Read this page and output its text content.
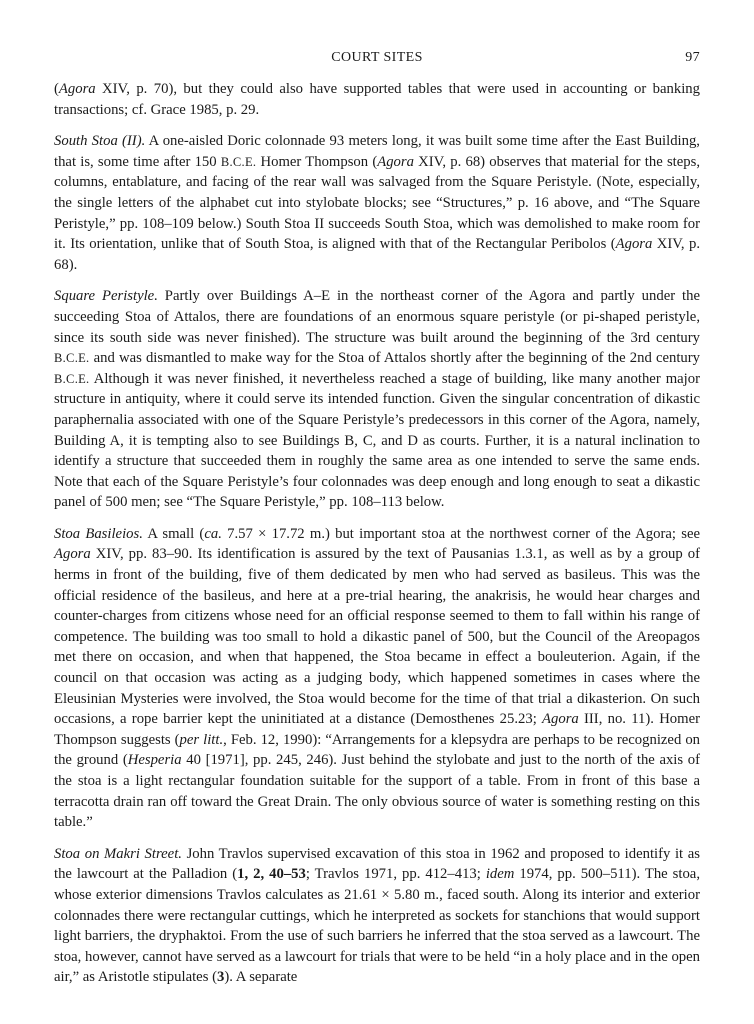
COURT SITES	97

(Agora XIV, p. 70), but they could also have supported tables that were used in accounting or banking transactions; cf. Grace 1985, p. 29.

South Stoa (II). A one-aisled Doric colonnade 93 meters long, it was built some time after the East Building, that is, some time after 150 B.C.E. Homer Thompson (Agora XIV, p. 68) observes that material for the steps, columns, entablature, and facing of the rear wall was salvaged from the Square Peristyle. (Note, especially, the single letters of the alphabet cut into stylobate blocks; see “Structures,” p. 16 above, and “The Square Peristyle,” pp. 108–109 below.) South Stoa II succeeds South Stoa, which was demolished to make room for it. Its orientation, unlike that of South Stoa, is aligned with that of the Rectangular Peribolos (Agora XIV, p. 68).

Square Peristyle. Partly over Buildings A–E in the northeast corner of the Agora and partly under the succeeding Stoa of Attalos, there are foundations of an enormous square peristyle (or pi-shaped peristyle, since its south side was never finished). The structure was built around the beginning of the 3rd century B.C.E. and was dismantled to make way for the Stoa of Attalos shortly after the beginning of the 2nd century B.C.E. Although it was never finished, it nevertheless reached a stage of building, like many another major structure in antiquity, where it could serve its intended function. Given the singular concentration of dikastic paraphernalia associated with one of the Square Peristyle’s predecessors in this corner of the Agora, namely, Building A, it is tempting also to see Buildings B, C, and D as courts. Further, it is a natural inclination to identify a structure that succeeded them in roughly the same area as one intended to serve the same ends. Note that each of the Square Peristyle’s four colonnades was deep enough and long enough to seat a dikastic panel of 500 men; see “The Square Peristyle,” pp. 108–113 below.

Stoa Basileios. A small (ca. 7.57 × 17.72 m.) but important stoa at the northwest corner of the Agora; see Agora XIV, pp. 83–90. Its identification is assured by the text of Pausanias 1.3.1, as well as by a group of herms in front of the building, five of them dedicated by men who had served as basileus. This was the official residence of the basileus, and here at a pre-trial hearing, the anakrisis, he would hear charges and counter-charges from citizens whose need for an official response seemed to them to fall within his range of competence. The building was too small to hold a dikastic panel of 500, but the Council of the Areopagos met there on occasion, and when that happened, the Stoa became in effect a bouleuterion. Again, if the council on that occasion was acting as a judging body, which happened sometimes in cases where the Eleusinian Mysteries were involved, the Stoa would become for the time of that trial a dikasterion. On such occasions, a rope barrier kept the uninitiated at a distance (Demosthenes 25.23; Agora III, no. 11). Homer Thompson suggests (per litt., Feb. 12, 1990): “Arrangements for a klepsydra are perhaps to be recognized on the ground (Hesperia 40 [1971], pp. 245, 246). Just behind the stylobate and just to the north of the axis of the stoa is a light rectangular foundation suitable for the support of a table. From in front of this base a terracotta drain ran off toward the Great Drain. The only obvious source of water is something resting on this table.”

Stoa on Makri Street. John Travlos supervised excavation of this stoa in 1962 and proposed to identify it as the lawcourt at the Palladion (1, 2, 40–53; Travlos 1971, pp. 412–413; idem 1974, pp. 500–511). The stoa, whose exterior dimensions Travlos calculates as 21.61 × 5.80 m., faced south. Along its interior and exterior colonnades there were rectangular cuttings, which he interpreted as sockets for stanchions that would support light barriers, the dryphaktoi. From the use of such barriers he inferred that the stoa served as a lawcourt. The stoa, however, cannot have served as a lawcourt for trials that were to be held “in a holy place and in the open air,” as Aristotle stipulates (3). A separate
